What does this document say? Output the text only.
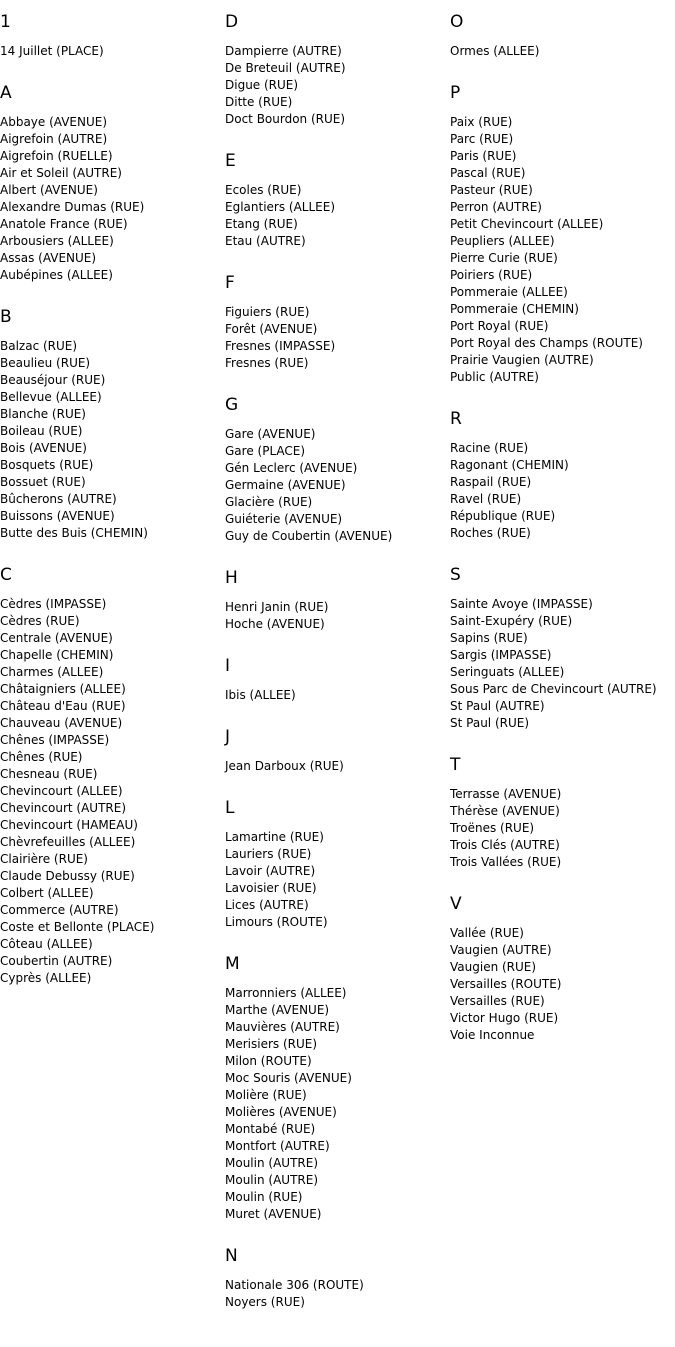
1
14 Juillet (PLACE)
A
Abbaye (AVENUE)
Aigrefoin (AUTRE)
Aigrefoin (RUELLE)
Air et Soleil (AUTRE)
Albert (AVENUE)
Alexandre Dumas (RUE)
Anatole France (RUE)
Arbousiers (ALLEE)
Assas (AVENUE)
Aubépines (ALLEE)
B
Balzac (RUE)
Beaulieu (RUE)
Beauséjour (RUE)
Bellevue (ALLEE)
Blanche (RUE)
Boileau (RUE)
Bois (AVENUE)
Bosquets (RUE)
Bossuet (RUE)
Bûcherons (AUTRE)
Buissons (AVENUE)
Butte des Buis (CHEMIN)
C
Cèdres (IMPASSE)
Cèdres (RUE)
Centrale (AVENUE)
Chapelle (CHEMIN)
Charmes (ALLEE)
Châtaigniers (ALLEE)
Château d'Eau (RUE)
Chauveau (AVENUE)
Chênes (IMPASSE)
Chênes (RUE)
Chesneau (RUE)
Chevincourt (ALLEE)
Chevincourt (AUTRE)
Chevincourt (HAMEAU)
Chèvrefeuilles (ALLEE)
Clairière (RUE)
Claude Debussy (RUE)
Colbert (ALLEE)
Commerce (AUTRE)
Coste et Bellonte (PLACE)
Côteau (ALLEE)
Coubertin (AUTRE)
Cyprès (ALLEE)
D
Dampierre (AUTRE)
De Breteuil (AUTRE)
Digue (RUE)
Ditte (RUE)
Doct Bourdon (RUE)
E
Ecoles (RUE)
Eglantiers (ALLEE)
Etang (RUE)
Etau (AUTRE)
F
Figuiers (RUE)
Forêt (AVENUE)
Fresnes (IMPASSE)
Fresnes (RUE)
G
Gare (AVENUE)
Gare (PLACE)
Gén Leclerc (AVENUE)
Germaine (AVENUE)
Glacière (RUE)
Guiéterie (AVENUE)
Guy de Coubertin (AVENUE)
H
Henri Janin (RUE)
Hoche (AVENUE)
I
Ibis (ALLEE)
J
Jean Darboux (RUE)
L
Lamartine (RUE)
Lauriers (RUE)
Lavoir (AUTRE)
Lavoisier (RUE)
Lices (AUTRE)
Limours (ROUTE)
M
Marronniers (ALLEE)
Marthe (AVENUE)
Mauvières (AUTRE)
Merisiers (RUE)
Milon (ROUTE)
Moc Souris (AVENUE)
Molière (RUE)
Molières (AVENUE)
Montabé (RUE)
Montfort (AUTRE)
Moulin (AUTRE)
Moulin (AUTRE)
Moulin (RUE)
Muret (AVENUE)
N
Nationale 306 (ROUTE)
Noyers (RUE)
O
Ormes (ALLEE)
P
Paix (RUE)
Parc (RUE)
Paris (RUE)
Pascal (RUE)
Pasteur (RUE)
Perron (AUTRE)
Petit Chevincourt (ALLEE)
Peupliers (ALLEE)
Pierre Curie (RUE)
Poiriers (RUE)
Pommeraie (ALLEE)
Pommeraie (CHEMIN)
Port Royal (RUE)
Port Royal des Champs (ROUTE)
Prairie Vaugien (AUTRE)
Public (AUTRE)
R
Racine (RUE)
Ragonant (CHEMIN)
Raspail (RUE)
Ravel (RUE)
République (RUE)
Roches (RUE)
S
Sainte Avoye (IMPASSE)
Saint-Exupéry (RUE)
Sapins (RUE)
Sargis (IMPASSE)
Seringuats (ALLEE)
Sous Parc de Chevincourt (AUTRE)
St Paul (AUTRE)
St Paul (RUE)
T
Terrasse (AVENUE)
Thérèse (AVENUE)
Troënes (RUE)
Trois Clés (AUTRE)
Trois Vallées (RUE)
V
Vallée (RUE)
Vaugien (AUTRE)
Vaugien (RUE)
Versailles (ROUTE)
Versailles (RUE)
Victor Hugo (RUE)
Voie Inconnue
